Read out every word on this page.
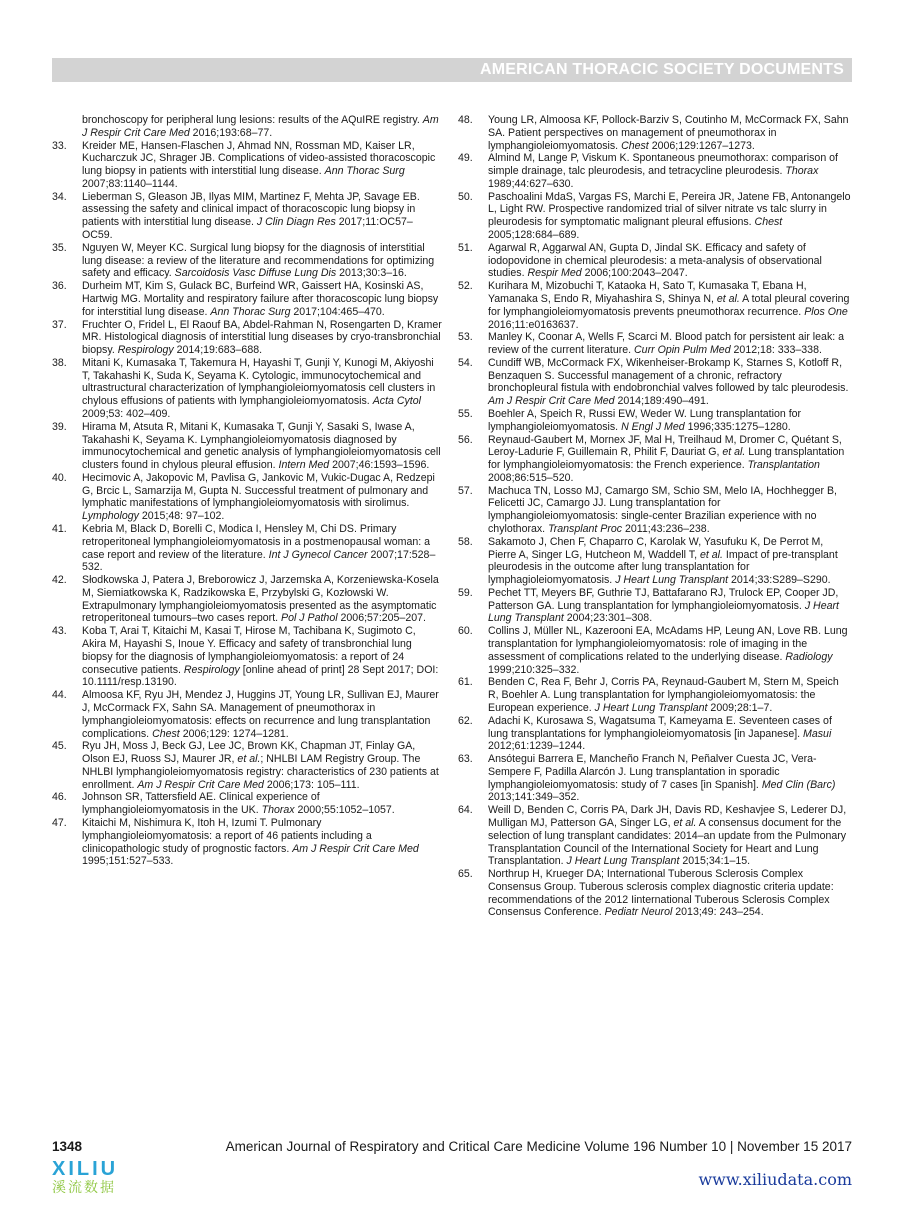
AMERICAN THORACIC SOCIETY DOCUMENTS
bronchoscopy for peripheral lung lesions: results of the AQuIRE registry. Am J Respir Crit Care Med 2016;193:68–77.
33.	Kreider ME, Hansen-Flaschen J, Ahmad NN, Rossman MD, Kaiser LR, Kucharczuk JC, Shrager JB. Complications of video-assisted thoracoscopic lung biopsy in patients with interstitial lung disease. Ann Thorac Surg 2007;83:1140–1144.
34.	Lieberman S, Gleason JB, Ilyas MIM, Martinez F, Mehta JP, Savage EB. assessing the safety and clinical impact of thoracoscopic lung biopsy in patients with interstitial lung disease. J Clin Diagn Res 2017;11:OC57–OC59.
35.	Nguyen W, Meyer KC. Surgical lung biopsy for the diagnosis of interstitial lung disease: a review of the literature and recommendations for optimizing safety and efficacy. Sarcoidosis Vasc Diffuse Lung Dis 2013;30:3–16.
36.	Durheim MT, Kim S, Gulack BC, Burfeind WR, Gaissert HA, Kosinski AS, Hartwig MG. Mortality and respiratory failure after thoracoscopic lung biopsy for interstitial lung disease. Ann Thorac Surg 2017;104:465–470.
37.	Fruchter O, Fridel L, El Raouf BA, Abdel-Rahman N, Rosengarten D, Kramer MR. Histological diagnosis of interstitial lung diseases by cryo-transbronchial biopsy. Respirology 2014;19:683–688.
38.	Mitani K, Kumasaka T, Takemura H, Hayashi T, Gunji Y, Kunogi M, Akiyoshi T, Takahashi K, Suda K, Seyama K. Cytologic, immunocytochemical and ultrastructural characterization of lymphangioleiomyomatosis cell clusters in chylous effusions of patients with lymphangioleiomyomatosis. Acta Cytol 2009;53: 402–409.
39.	Hirama M, Atsuta R, Mitani K, Kumasaka T, Gunji Y, Sasaki S, Iwase A, Takahashi K, Seyama K. Lymphangioleiomyomatosis diagnosed by immunocytochemical and genetic analysis of lymphangioleiomyomatosis cell clusters found in chylous pleural effusion. Intern Med 2007;46:1593–1596.
40.	Hecimovic A, Jakopovic M, Pavlisa G, Jankovic M, Vukic-Dugac A, Redzepi G, Brcic L, Samarzija M, Gupta N. Successful treatment of pulmonary and lymphatic manifestations of lymphangioleiomyomatosis with sirolimus. Lymphology 2015;48: 97–102.
41.	Kebria M, Black D, Borelli C, Modica I, Hensley M, Chi DS. Primary retroperitoneal lymphangioleiomyomatosis in a postmenopausal woman: a case report and review of the literature. Int J Gynecol Cancer 2007;17:528–532.
42.	Słodkowska J, Patera J, Breborowicz J, Jarzemska A, Korzeniewska-Kosela M, Siemiatkowska K, Radzikowska E, Przybylski G, Kozłowski W. Extrapulmonary lymphangioleiomyomatosis presented as the asymptomatic retroperitoneal tumours–two cases report. Pol J Pathol 2006;57:205–207.
43.	Koba T, Arai T, Kitaichi M, Kasai T, Hirose M, Tachibana K, Sugimoto C, Akira M, Hayashi S, Inoue Y. Efficacy and safety of transbronchial lung biopsy for the diagnosis of lymphangioleiomyomatosis: a report of 24 consecutive patients. Respirology [online ahead of print] 28 Sept 2017; DOI: 10.1111/resp.13190.
44.	Almoosa KF, Ryu JH, Mendez J, Huggins JT, Young LR, Sullivan EJ, Maurer J, McCormack FX, Sahn SA. Management of pneumothorax in lymphangioleiomyomatosis: effects on recurrence and lung transplantation complications. Chest 2006;129: 1274–1281.
45.	Ryu JH, Moss J, Beck GJ, Lee JC, Brown KK, Chapman JT, Finlay GA, Olson EJ, Ruoss SJ, Maurer JR, et al.; NHLBI LAM Registry Group. The NHLBI lymphangioleiomyomatosis registry: characteristics of 230 patients at enrollment. Am J Respir Crit Care Med 2006;173: 105–111.
46.	Johnson SR, Tattersfield AE. Clinical experience of lymphangioleiomyomatosis in the UK. Thorax 2000;55:1052–1057.
47.	Kitaichi M, Nishimura K, Itoh H, Izumi T. Pulmonary lymphangioleiomyomatosis: a report of 46 patients including a clinicopathologic study of prognostic factors. Am J Respir Crit Care Med 1995;151:527–533.
48.	Young LR, Almoosa KF, Pollock-Barziv S, Coutinho M, McCormack FX, Sahn SA. Patient perspectives on management of pneumothorax in lymphangioleiomyomatosis. Chest 2006;129:1267–1273.
49.	Almind M, Lange P, Viskum K. Spontaneous pneumothorax: comparison of simple drainage, talc pleurodesis, and tetracycline pleurodesis. Thorax 1989;44:627–630.
50.	Paschoalini MdaS, Vargas FS, Marchi E, Pereira JR, Jatene FB, Antonangelo L, Light RW. Prospective randomized trial of silver nitrate vs talc slurry in pleurodesis for symptomatic malignant pleural effusions. Chest 2005;128:684–689.
51.	Agarwal R, Aggarwal AN, Gupta D, Jindal SK. Efficacy and safety of iodopovidone in chemical pleurodesis: a meta-analysis of observational studies. Respir Med 2006;100:2043–2047.
52.	Kurihara M, Mizobuchi T, Kataoka H, Sato T, Kumasaka T, Ebana H, Yamanaka S, Endo R, Miyahashira S, Shinya N, et al. A total pleural covering for lymphangioleiomyomatosis prevents pneumothorax recurrence. Plos One 2016;11:e0163637.
53.	Manley K, Coonar A, Wells F, Scarci M. Blood patch for persistent air leak: a review of the current literature. Curr Opin Pulm Med 2012;18: 333–338.
54.	Cundiff WB, McCormack FX, Wikenheiser-Brokamp K, Starnes S, Kotloff R, Benzaquen S. Successful management of a chronic, refractory bronchopleural fistula with endobronchial valves followed by talc pleurodesis. Am J Respir Crit Care Med 2014;189:490–491.
55.	Boehler A, Speich R, Russi EW, Weder W. Lung transplantation for lymphangioleiomyomatosis. N Engl J Med 1996;335:1275–1280.
56.	Reynaud-Gaubert M, Mornex JF, Mal H, Treilhaud M, Dromer C, Quétant S, Leroy-Ladurie F, Guillemain R, Philit F, Dauriat G, et al. Lung transplantation for lymphangioleiomyomatosis: the French experience. Transplantation 2008;86:515–520.
57.	Machuca TN, Losso MJ, Camargo SM, Schio SM, Melo IA, Hochhegger B, Felicetti JC, Camargo JJ. Lung transplantation for lymphangioleiomyomatosis: single-center Brazilian experience with no chylothorax. Transplant Proc 2011;43:236–238.
58.	Sakamoto J, Chen F, Chaparro C, Karolak W, Yasufuku K, De Perrot M, Pierre A, Singer LG, Hutcheon M, Waddell T, et al. Impact of pre-transplant pleurodesis in the outcome after lung transplantation for lymphagioleiomyomatosis. J Heart Lung Transplant 2014;33:S289–S290.
59.	Pechet TT, Meyers BF, Guthrie TJ, Battafarano RJ, Trulock EP, Cooper JD, Patterson GA. Lung transplantation for lymphangioleiomyomatosis. J Heart Lung Transplant 2004;23:301–308.
60.	Collins J, Müller NL, Kazerooni EA, McAdams HP, Leung AN, Love RB. Lung transplantation for lymphangioleiomyomatosis: role of imaging in the assessment of complications related to the underlying disease. Radiology 1999;210:325–332.
61.	Benden C, Rea F, Behr J, Corris PA, Reynaud-Gaubert M, Stern M, Speich R, Boehler A. Lung transplantation for lymphangioleiomyomatosis: the European experience. J Heart Lung Transplant 2009;28:1–7.
62.	Adachi K, Kurosawa S, Wagatsuma T, Kameyama E. Seventeen cases of lung transplantations for lymphangioleiomyomatosis [in Japanese]. Masui 2012;61:1239–1244.
63.	Ansótegui Barrera E, Mancheño Franch N, Peñalver Cuesta JC, Vera-Sempere F, Padilla Alarcón J. Lung transplantation in sporadic lymphangioleiomyomatosis: study of 7 cases [in Spanish]. Med Clin (Barc) 2013;141:349–352.
64.	Weill D, Benden C, Corris PA, Dark JH, Davis RD, Keshavjee S, Lederer DJ, Mulligan MJ, Patterson GA, Singer LG, et al. A consensus document for the selection of lung transplant candidates: 2014–an update from the Pulmonary Transplantation Council of the International Society for Heart and Lung Transplantation. J Heart Lung Transplant 2015;34:1–15.
65.	Northrup H, Krueger DA; International Tuberous Sclerosis Complex Consensus Group. Tuberous sclerosis complex diagnostic criteria update: recommendations of the 2012 Iinternational Tuberous Sclerosis Complex Consensus Conference. Pediatr Neurol 2013;49: 243–254.
1348	American Journal of Respiratory and Critical Care Medicine Volume 196 Number 10 | November 15 2017
XILIU
溪流数据	www.xiliudata.com
